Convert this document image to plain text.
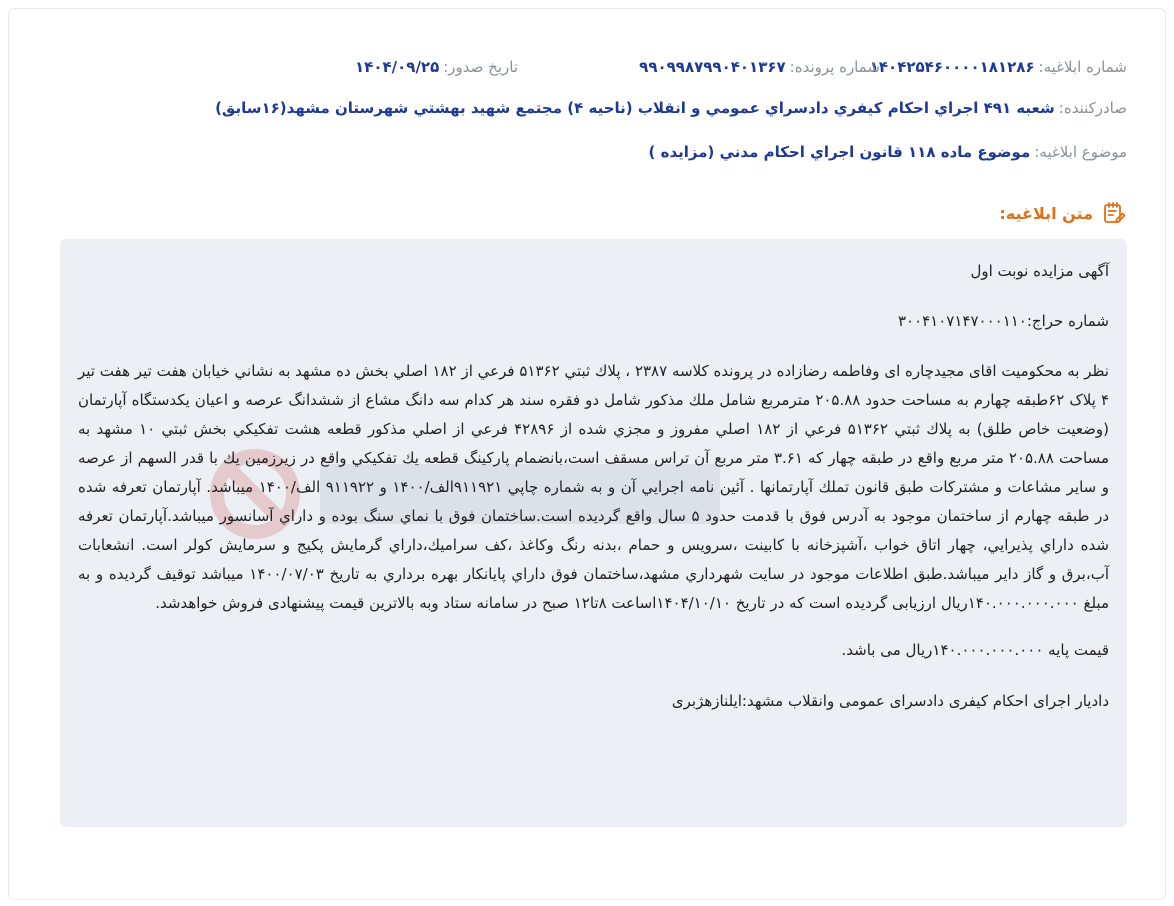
شماره ابلاغيه:
۱۴۰۴۲۵۴۶۰۰۰۰۱۸۱۲۸۶
شماره پرونده:
۹۹۰۹۹۸۷۹۹۰۴۰۱۳۶۷
تاريخ صدور:
۱۴۰۴/۰۹/۲۵
صادرکننده:
شعبه ۴۹۱ اجراي احكام كيفري دادسراي عمومي و انقلاب (ناحيه ۴) مجتمع شهيد بهشتي شهرستان مشهد(۱۶سابق)
موضوع ابلاغيه:
موضوع ماده ۱۱۸ قانون اجراي احكام مدني (مزايده )
متن ابلاغيه:

آگهی مزایده نوبت اول

شماره حراج:۳۰۰۴۱۰۷۱۴۷۰۰۰۱۱۰

نظر به محکومیت اقای مجیدچاره ای وفاطمه رضازاده در پرونده کلاسه ۲۳۸۷ ، پلاك ثبتي ۵۱۳۶۲ فرعي از ۱۸۲ اصلي بخش ده مشهد به نشاني خيابان هفت تير هفت تير ۴ پلاک ۶۲طبقه چهارم به مساحت حدود ۲۰۵.۸۸ مترمربع شامل ملك مذكور شامل دو فقره سند هر كدام سه دانگ مشاع از ششدانگ عرصه و اعيان يكدستگاه آپارتمان (وضعيت خاص طلق) به پلاك ثبتي ۵۱۳۶۲ فرعي از ۱۸۲ اصلي مفروز و مجزي شده از ۴۲۸۹۶ فرعي از اصلي مذكور قطعه هشت تفكيكي بخش ثبتي ۱۰ مشهد به مساحت ۲۰۵.۸۸ متر مربع واقع در طبقه چهار كه ۳.۶۱ متر مربع آن تراس مسقف است،بانضمام پاركينگ قطعه يك تفكيكي واقع در زيرزمين يك با قدر السهم از عرصه و ساير مشاعات و مشتركات طبق قانون تملك آپارتمانها . آئين نامه اجرايي آن و به شماره چاپي ۹۱۱۹۲۱الف/۱۴۰۰ و ۹۱۱۹۲۲ الف/۱۴۰۰ ميباشد. آپارتمان تعرفه شده در طبقه چهارم از ساختمان موجود به آدرس فوق با قدمت حدود ۵ سال واقع گرديده است.ساختمان فوق با نماي سنگ بوده و داراي آسانسور ميباشد.آپارتمان تعرفه شده داراي پذيرايي، چهار اتاق خواب ،آشپزخانه با كابينت ،سرويس و حمام ،بدنه رنگ وكاغذ ،كف سراميك،داراي گرمايش پكيج و سرمايش كولر است. انشعابات آب،برق و گاز داير ميباشد.طبق اطلاعات موجود در سايت شهرداري مشهد،ساختمان فوق داراي پايانكار بهره برداري به تاريخ ۱۴۰۰/۰۷/۰۳ ميباشد توقيف گرديده و به مبلغ ۱۴۰.۰۰۰.۰۰۰.۰۰۰ريال ارزیابی گردیده است که در تاریخ ۱۴۰۴/۱۰/۱۰اساعت ۸تا۱۲ صبح در سامانه ستاد وبه بالاترین قیمت پیشنهادی فروش خواهدشد.

قیمت پایه ۱۴۰.۰۰۰.۰۰۰.۰۰۰ریال می باشد.

دادیار اجرای احکام کیفری دادسرای عمومی وانقلاب مشهد:ایلنازهژبری
